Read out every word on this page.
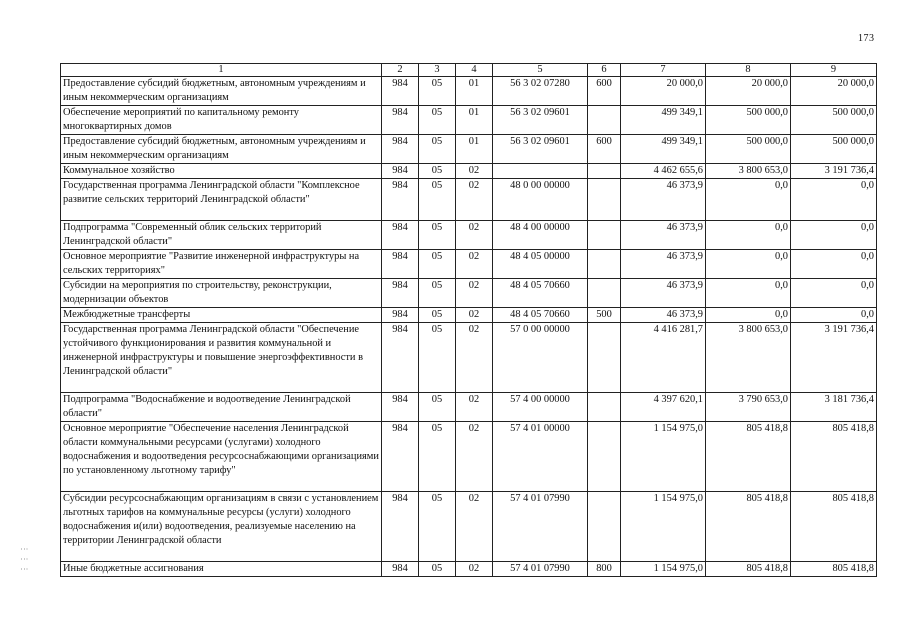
173
⋮ ⋮ ⋮
1	2	3	4	5	6	7	8	9
Предоставление субсидий бюджетным, автономным учреждениям и иным некоммерческим организациям	984	05	01	56 3 02 07280	600	20 000,0	20 000,0	20 000,0
Обеспечение мероприятий по капитальному ремонту многоквартирных домов	984	05	01	56 3 02 09601		499 349,1	500 000,0	500 000,0
Предоставление субсидий бюджетным, автономным учреждениям и иным некоммерческим организациям	984	05	01	56 3 02 09601	600	499 349,1	500 000,0	500 000,0
Коммунальное хозяйство	984	05	02			4 462 655,6	3 800 653,0	3 191 736,4
Государственная программа Ленинградской области "Комплексное развитие сельских территорий Ленинградской области"	984	05	02	48 0 00 00000		46 373,9	0,0	0,0
Подпрограмма "Современный облик сельских территорий Ленинградской области"	984	05	02	48 4 00 00000		46 373,9	0,0	0,0
Основное мероприятие "Развитие инженерной инфраструктуры на сельских территориях"	984	05	02	48 4 05 00000		46 373,9	0,0	0,0
Субсидии на мероприятия по строительству, реконструкции, модернизации объектов	984	05	02	48 4 05 70660		46 373,9	0,0	0,0
Межбюджетные трансферты	984	05	02	48 4 05 70660	500	46 373,9	0,0	0,0
Государственная программа Ленинградской области "Обеспечение устойчивого функционирования и развития коммунальной и инженерной инфраструктуры и повышение энергоэффективности в Ленинградской области"	984	05	02	57 0 00 00000		4 416 281,7	3 800 653,0	3 191 736,4
Подпрограмма "Водоснабжение и водоотведение Ленинградской области"	984	05	02	57 4 00 00000		4 397 620,1	3 790 653,0	3 181 736,4
Основное мероприятие "Обеспечение населения Ленинградской области коммунальными ресурсами (услугами) холодного водоснабжения и водоотведения ресурсоснабжающими организациями по установленному льготному тарифу"	984	05	02	57 4 01 00000		1 154 975,0	805 418,8	805 418,8
Субсидии ресурсоснабжающим организациям в связи с установлением льготных тарифов на коммунальные ресурсы (услуги) холодного водоснабжения и(или) водоотведения, реализуемые населению на территории Ленинградской области	984	05	02	57 4 01 07990		1 154 975,0	805 418,8	805 418,8
Иные бюджетные ассигнования	984	05	02	57 4 01 07990	800	1 154 975,0	805 418,8	805 418,8
